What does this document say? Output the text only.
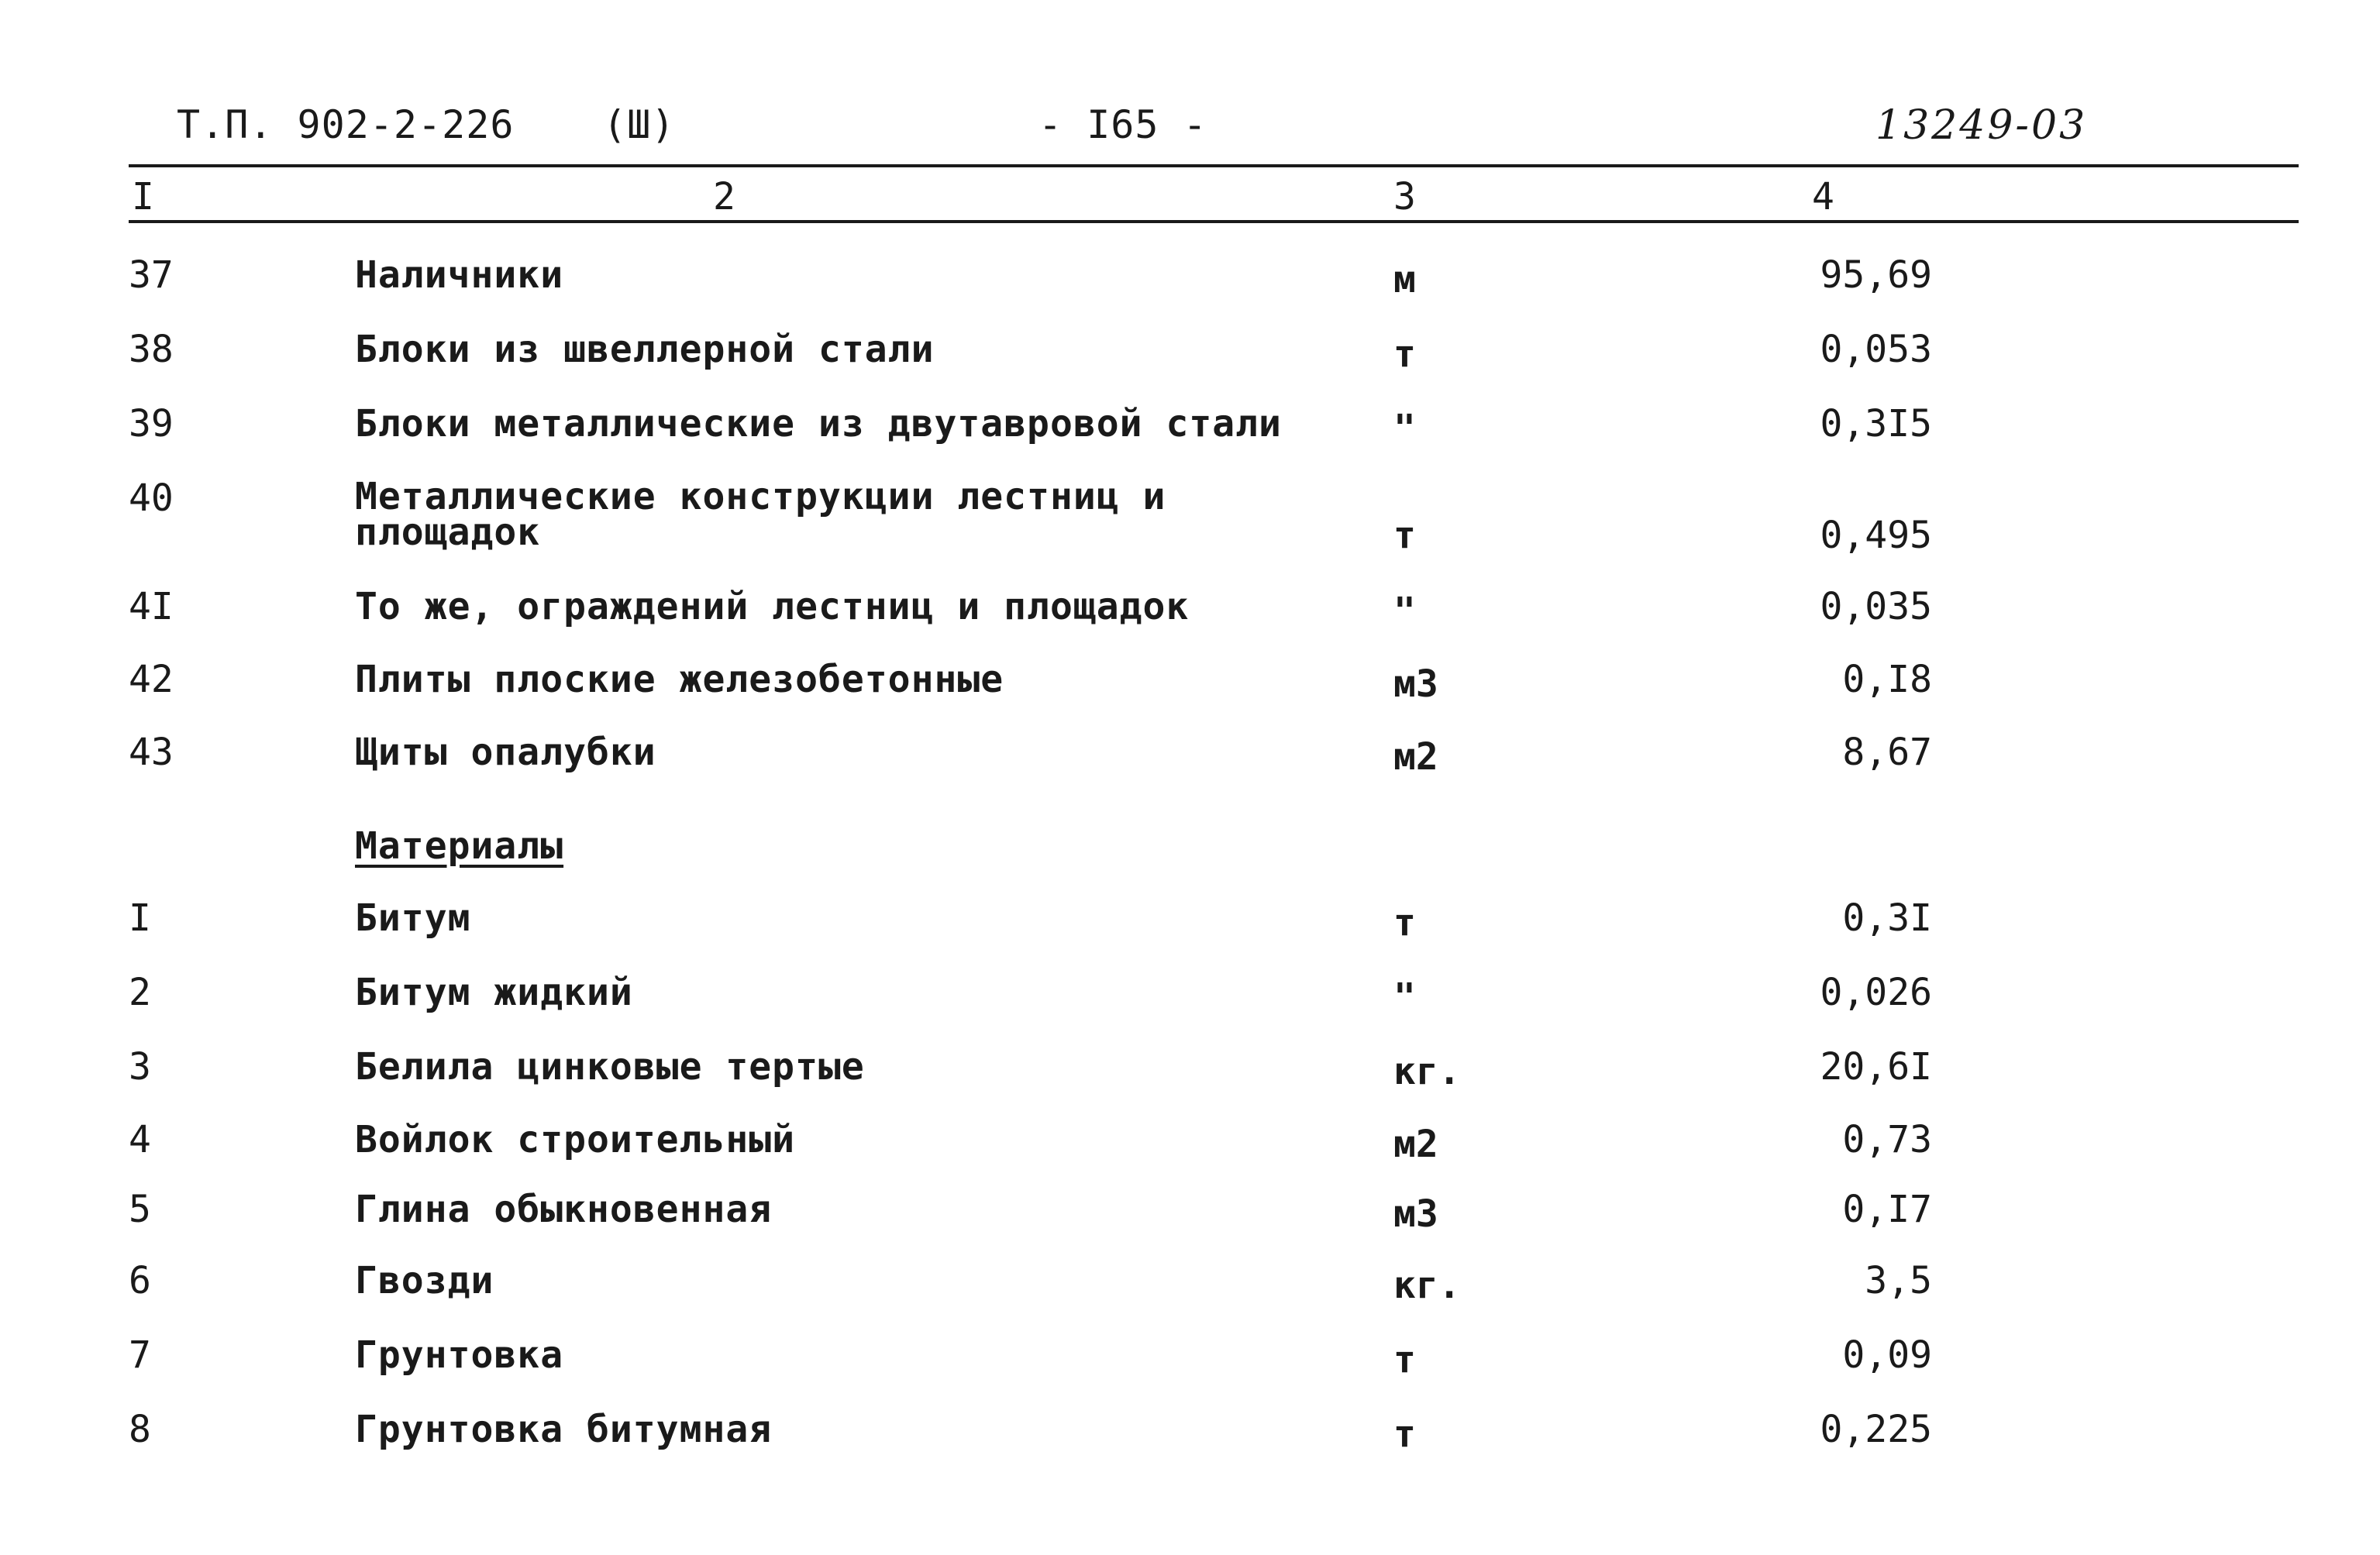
Т.П. 902-2-226 (Ш)	- I65 -	13249-03
I	2	3	4
37	Наличники	м	95,69
38	Блоки из швеллерной стали	т	0,053
39	Блоки металлические из двутавровой стали	"	0,3I5
40	Металлические конструкции лестниц и
площадок	т	0,495
4I	То же, ограждений лестниц и площадок	"	0,035
42	Плиты плоские железобетонные	м3	0,I8
43	Щиты опалубки	м2	8,67
Материалы
I	Битум	т	0,3I
2	Битум жидкий	"	0,026
3	Белила цинковые тертые	кг.	20,6I
4	Войлок строительный	м2	0,73
5	Глина обыкновенная	м3	0,I7
6	Гвозди	кг.	3,5
7	Грунтовка	т	0,09
8	Грунтовка битумная	т	0,225
